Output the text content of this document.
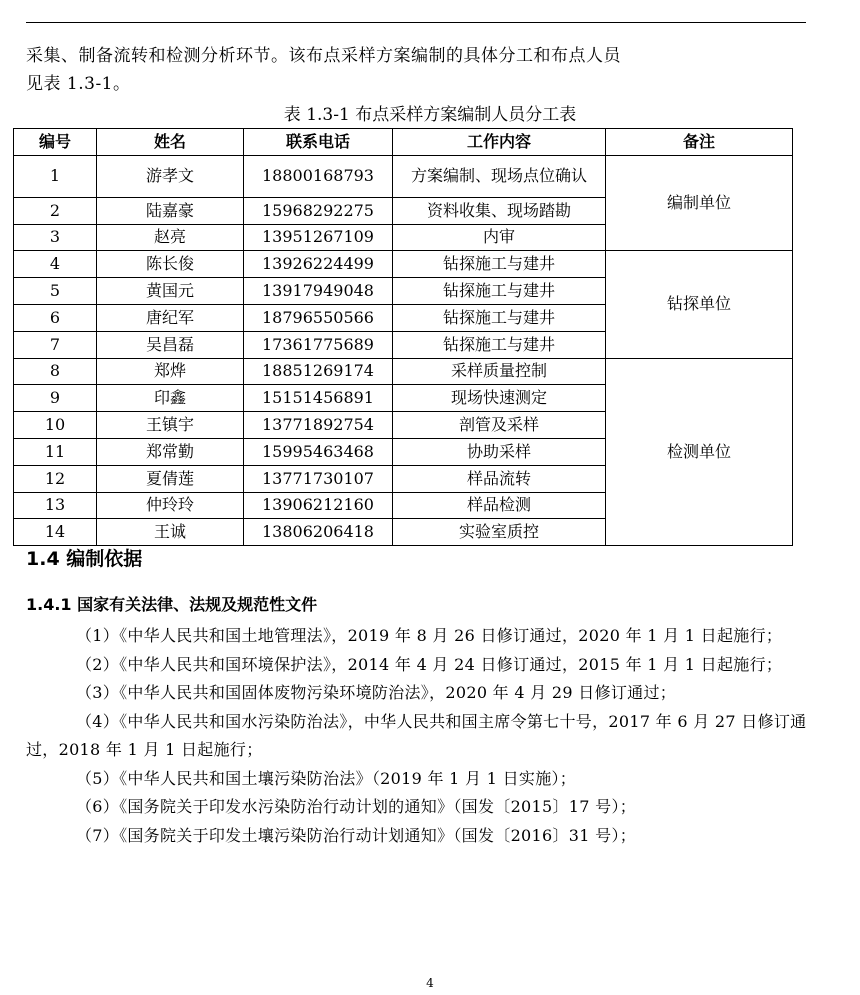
采集、制备流转和检测分析环节。该布点采样方案编制的具体分工和布点人员
见表 1.3-1。
表 1.3-1 布点采样方案编制人员分工表
编号	姓名	联系电话	工作内容	备注
1	游孝文	18800168793	方案编制、现场点位确认	编制单位
2	陆嘉豪	15968292275	资料收集、现场踏勘	
3	赵亮	13951267109	内审	
4	陈长俊	13926224499	钻探施工与建井	钻探单位
5	黄国元	13917949048	钻探施工与建井	
6	唐纪军	18796550566	钻探施工与建井	
7	吴昌磊	17361775689	钻探施工与建井	
8	郑烨	18851269174	采样质量控制	检测单位
9	印鑫	15151456891	现场快速测定	
10	王镇宇	13771892754	剖管及采样	
11	郑常勤	15995463468	协助采样	
12	夏倩莲	13771730107	样品流转	
13	仲玲玲	13906212160	样品检测	
14	王诚	13806206418	实验室质控	
1.4 编制依据
1.4.1 国家有关法律、法规及规范性文件
（1）《中华人民共和国土地管理法》，2019 年 8 月 26 日修订通过，2020 年 1 月 1 日起施行；
（2）《中华人民共和国环境保护法》，2014 年 4 月 24 日修订通过，2015 年 1 月 1 日起施行；
（3）《中华人民共和国固体废物污染环境防治法》，2020 年 4 月 29 日修订通过；
（4）《中华人民共和国水污染防治法》，中华人民共和国主席令第七十号，2017 年 6 月 27 日修订通过，2018 年 1 月 1 日起施行；
（5）《中华人民共和国土壤污染防治法》（2019 年 1 月 1 日实施）；
（6）《国务院关于印发水污染防治行动计划的通知》（国发〔2015〕17 号）；
（7）《国务院关于印发土壤污染防治行动计划通知》（国发〔2016〕31 号）；
4
